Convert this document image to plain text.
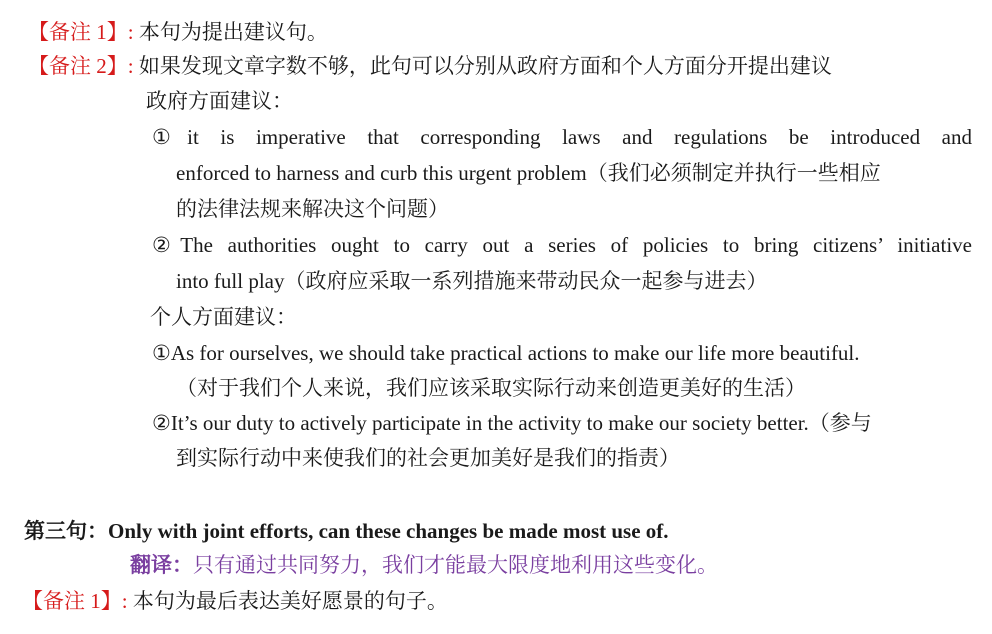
【备注 1】: 本句为提出建议句。
【备注 2】: 如果发现文章字数不够，此句可以分别从政府方面和个人方面分开提出建议
政府方面建议：
①it is imperative that corresponding laws and regulations be introduced and
enforced to harness and curb this urgent problem（我们必须制定并执行一些相应
的法律法规来解决这个问题）
②The authorities ought to carry out a series of policies to bring citizens’ initiative
into full play（政府应采取一系列措施来带动民众一起参与进去）
个人方面建议：
①As for ourselves, we should take practical actions to make our life more beautiful.
（对于我们个人来说，我们应该采取实际行动来创造更美好的生活）
②It’s our duty to actively participate in the activity to make our society better.（参与
到实际行动中来使我们的社会更加美好是我们的指责）
第三句：Only with joint efforts, can these changes be made most use of.
翻译：只有通过共同努力，我们才能最大限度地利用这些变化。
【备注 1】: 本句为最后表达美好愿景的句子。
